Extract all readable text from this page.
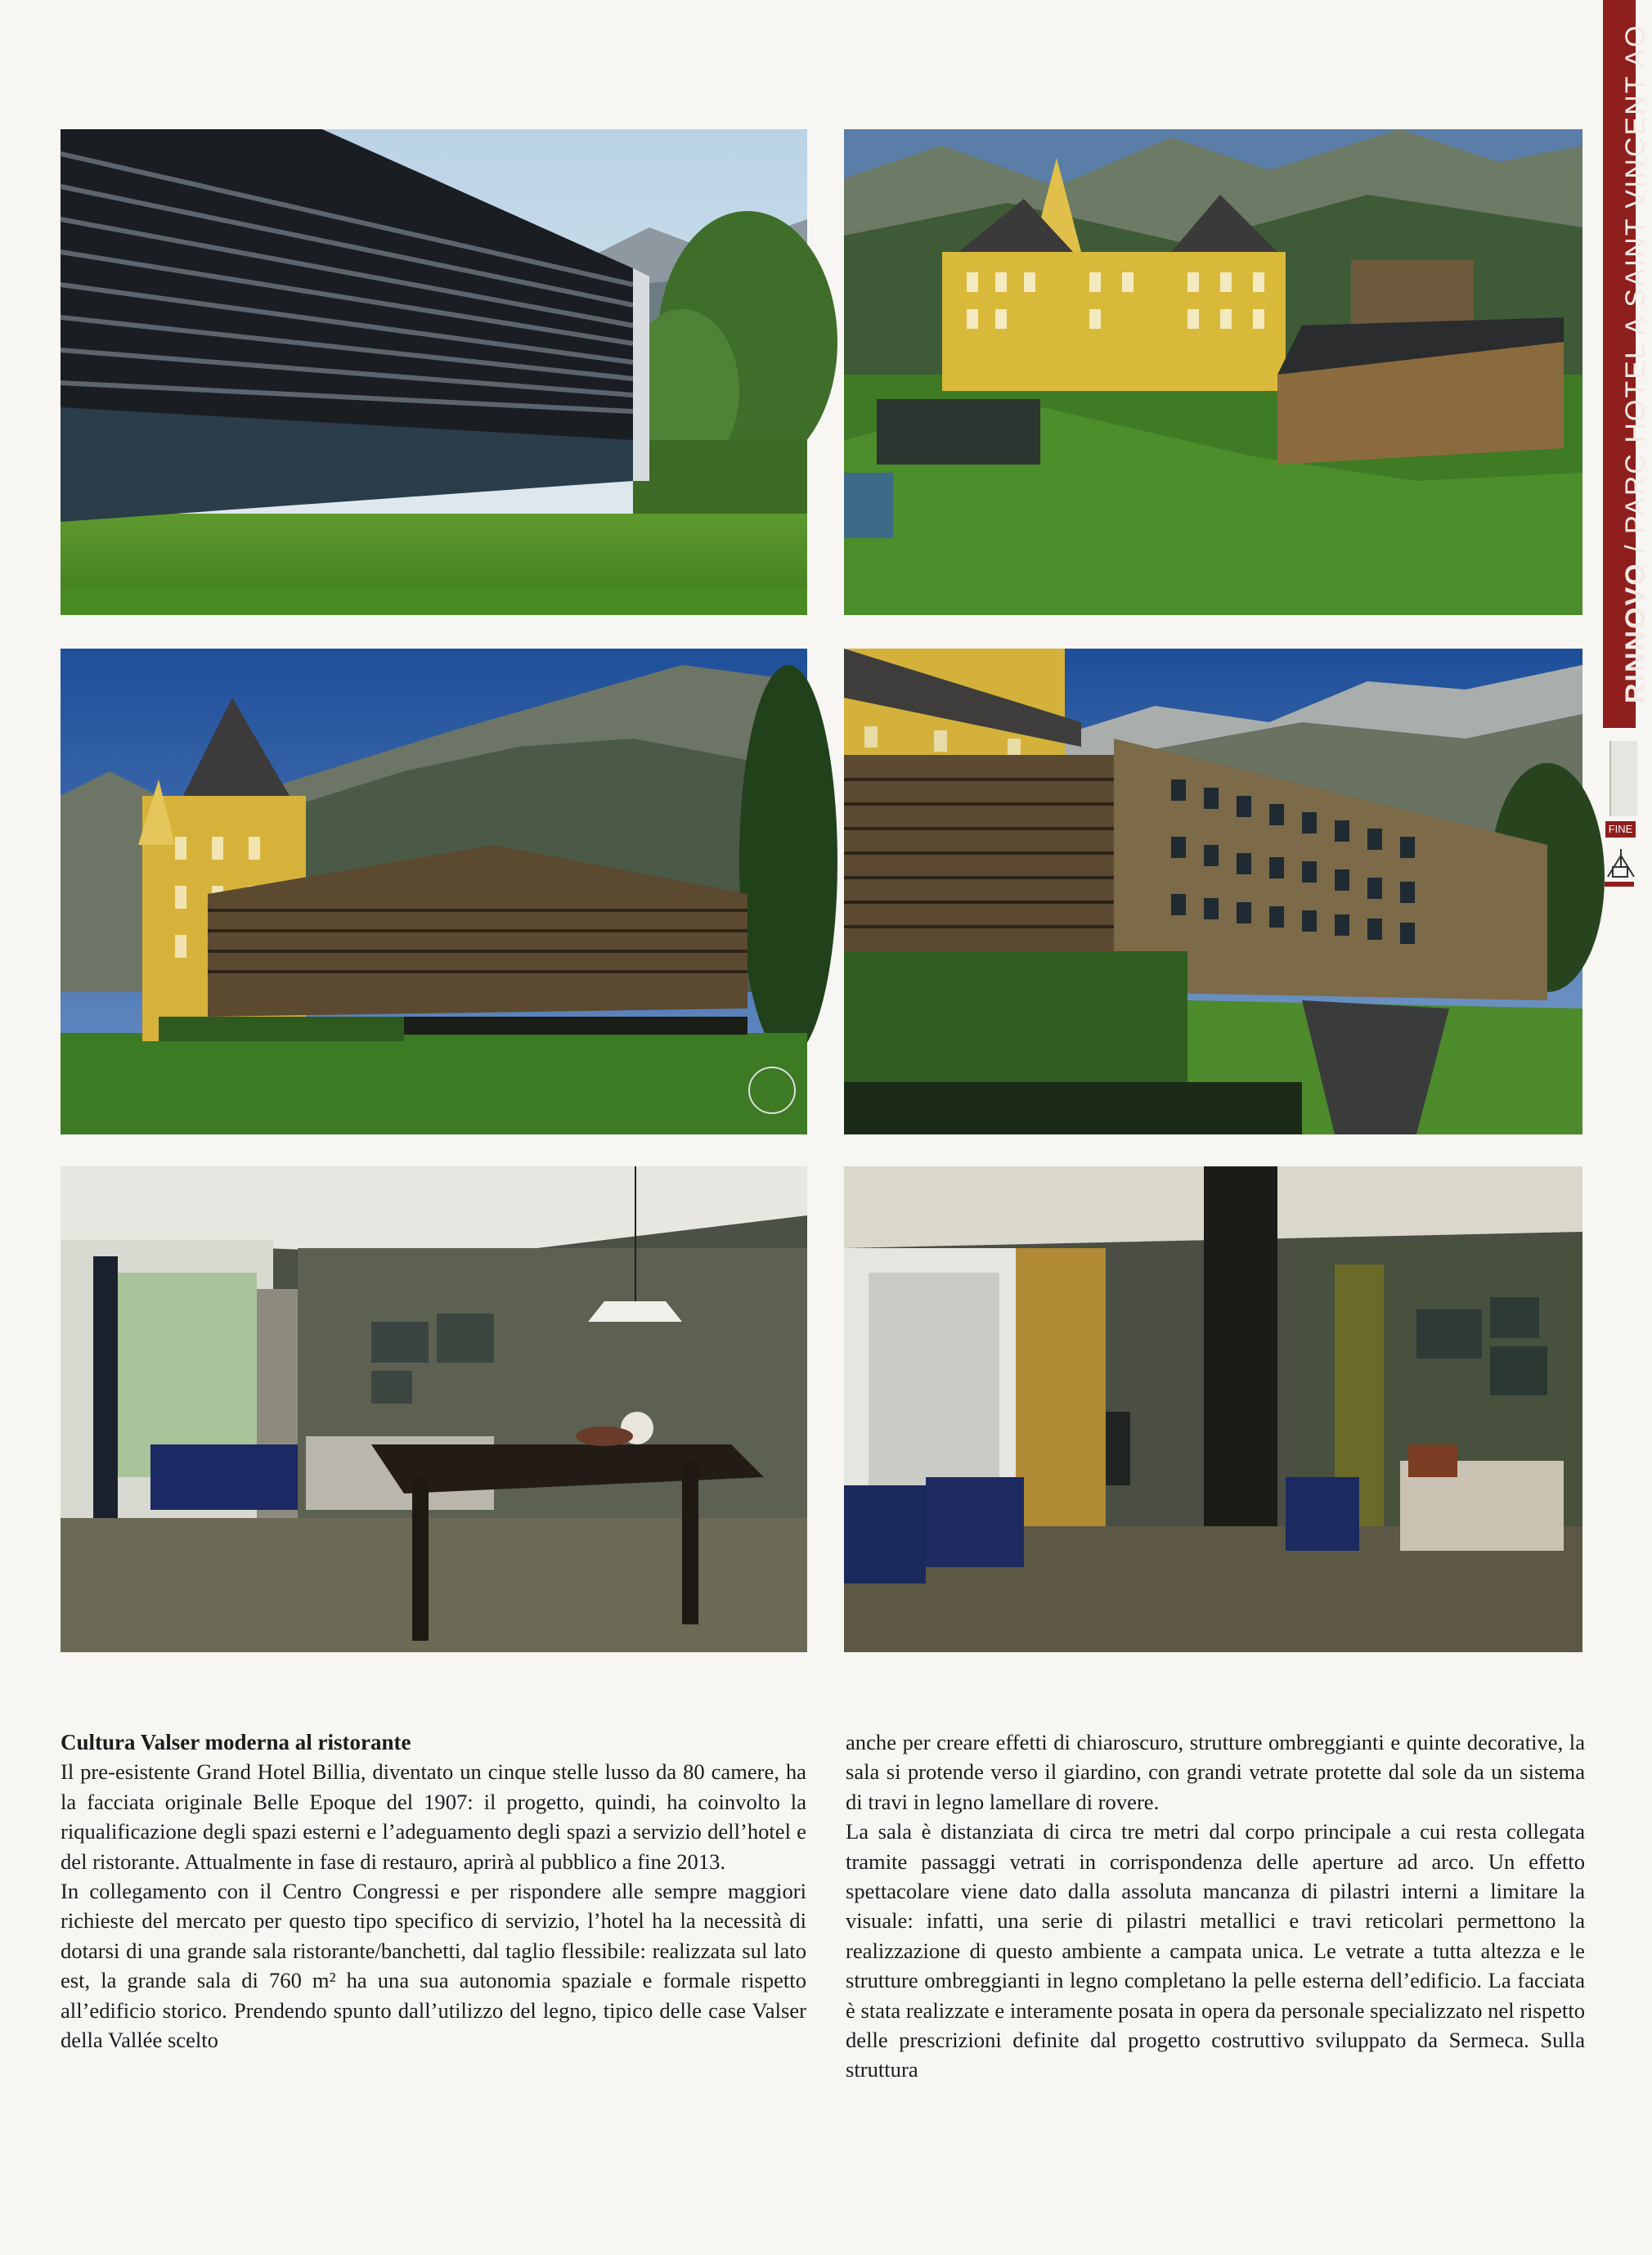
RINNOVO / PARC HOTEL A SAINT VINCENT AO
FINE

Cultura Valser moderna al ristorante

Il pre-esistente Grand Hotel Billia, diventato un cinque stelle lusso da 80 camere, ha la facciata originale Belle Epoque del 1907: il progetto, quindi, ha coinvolto la riqualificazione degli spazi esterni e l’adeguamento degli spazi a servizio dell’hotel e del ristorante. Attualmente in fase di restauro, aprirà al pubblico a fine 2013.

In collegamento con il Centro Congressi e per rispondere alle sempre maggiori richieste del mercato per questo tipo specifico di servizio, l’hotel ha la necessità di dotarsi di una grande sala ristorante/banchetti, dal taglio flessibile: realizzata sul lato est, la grande sala di 760 m² ha una sua autonomia spaziale e formale rispetto all’edificio storico. Prendendo spunto dall’utilizzo del legno, tipico delle case Valser della Vallée scelto

anche per creare effetti di chiaroscuro, strutture ombreggianti e quinte decorative, la sala si protende verso il giardino, con grandi vetrate protette dal sole da un sistema di travi in legno lamellare di rovere.

La sala è distanziata di circa tre metri dal corpo principale a cui resta collegata tramite passaggi vetrati in corrispondenza delle aperture ad arco. Un effetto spettacolare viene dato dalla assoluta mancanza di pilastri interni a limitare la visuale: infatti, una serie di pilastri metallici e travi reticolari permettono la realizzazione di questo ambiente a campata unica. Le vetrate a tutta altezza e le strutture ombreggianti in legno completano la pelle esterna dell’edificio. La facciata è stata realizzate e interamente posata in opera da personale specializzato nel rispetto delle prescrizioni definite dal progetto costruttivo sviluppato da Sermeca. Sulla struttura
